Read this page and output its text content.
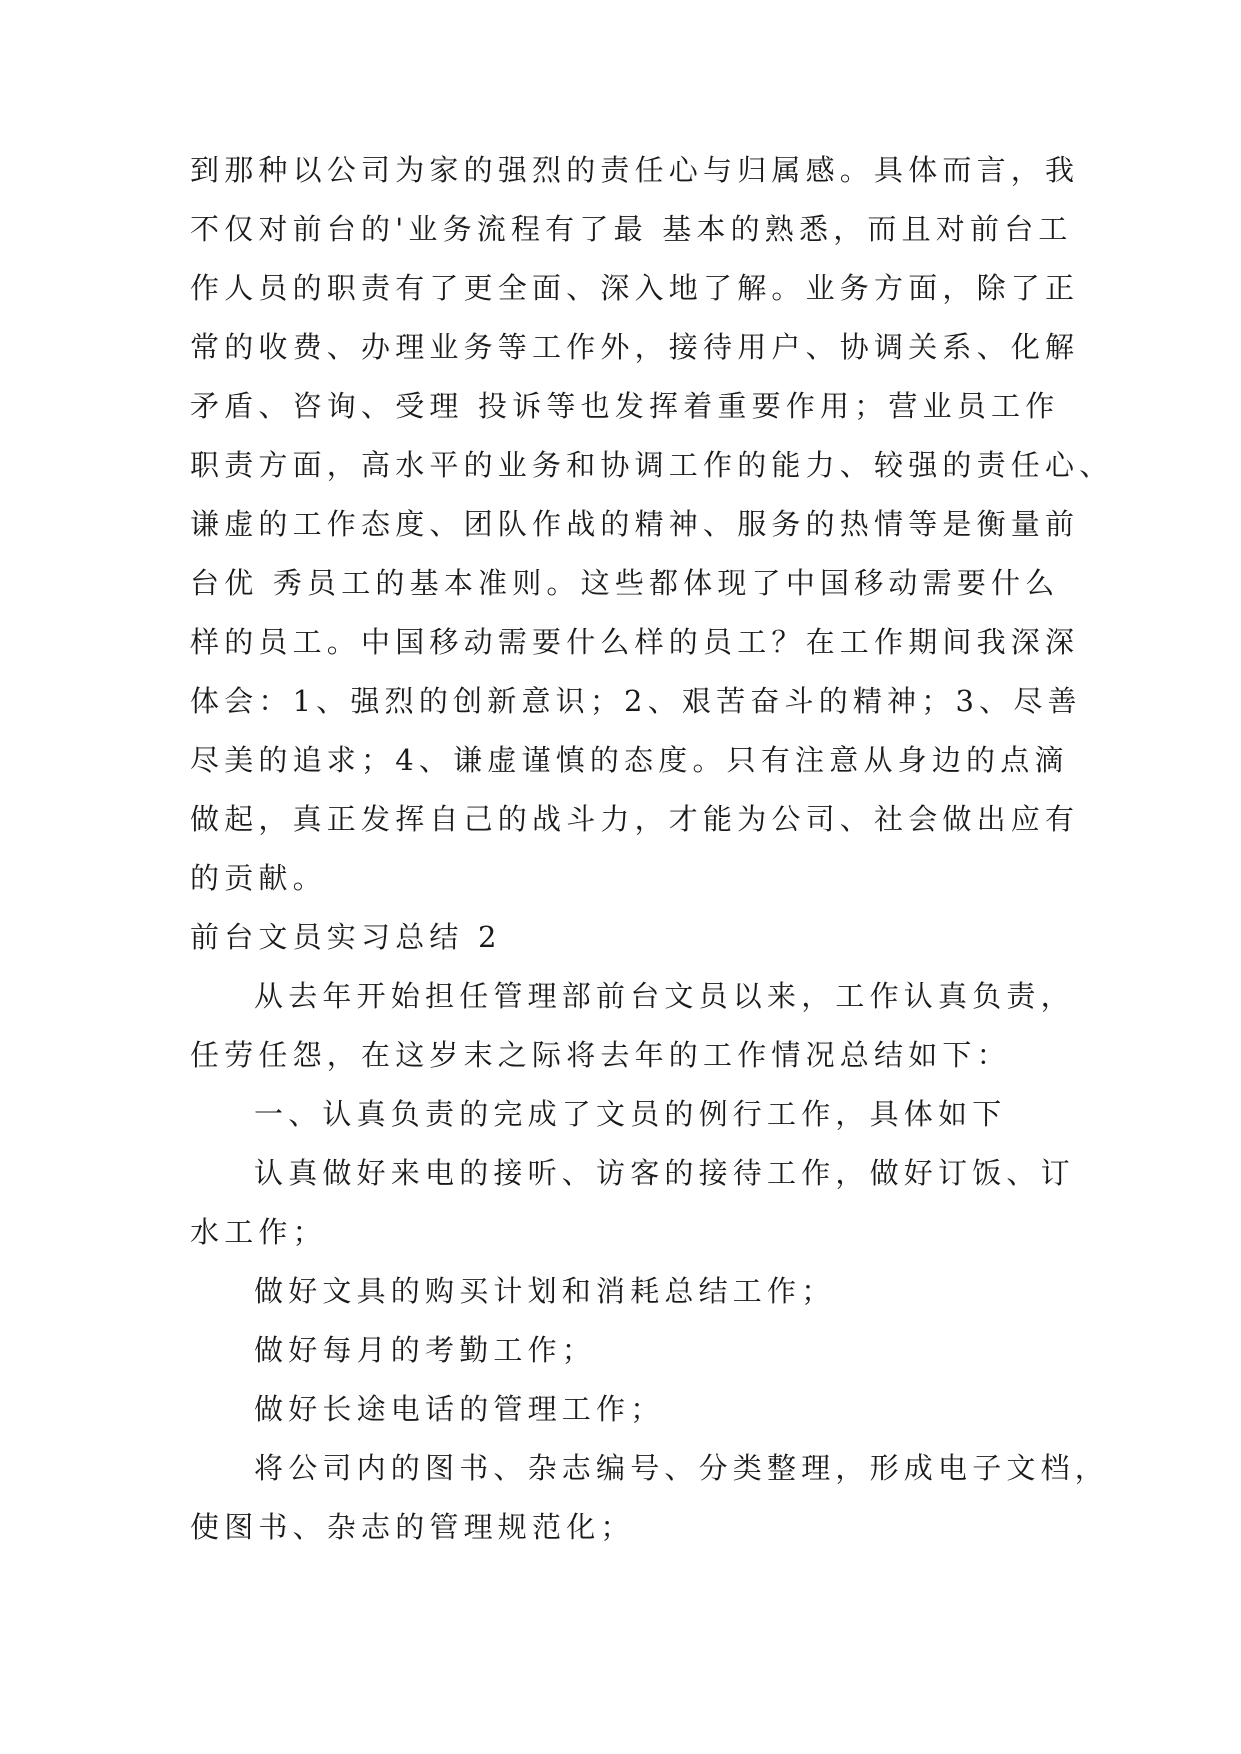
到那种以公司为家的强烈的责任心与归属感。具体而言，我
不仅对前台的'业务流程有了最 基本的熟悉，而且对前台工
作人员的职责有了更全面、深入地了解。业务方面，除了正
常的收费、办理业务等工作外，接待用户、协调关系、化解
矛盾、咨询、受理 投诉等也发挥着重要作用；营业员工作
职责方面，高水平的业务和协调工作的能力、较强的责任心、
谦虚的工作态度、团队作战的精神、服务的热情等是衡量前
台优 秀员工的基本准则。这些都体现了中国移动需要什么
样的员工。中国移动需要什么样的员工？在工作期间我深深
体会：1、强烈的创新意识；2、艰苦奋斗的精神；3、尽善
尽美的追求；4、谦虚谨慎的态度。只有注意从身边的点滴
做起，真正发挥自己的战斗力，才能为公司、社会做出应有
的贡献。
前台文员实习总结 2
从去年开始担任管理部前台文员以来，工作认真负责，
任劳任怨，在这岁末之际将去年的工作情况总结如下：
一、认真负责的完成了文员的例行工作，具体如下
认真做好来电的接听、访客的接待工作，做好订饭、订
水工作；
做好文具的购买计划和消耗总结工作；
做好每月的考勤工作；
做好长途电话的管理工作；
将公司内的图书、杂志编号、分类整理，形成电子文档，
使图书、杂志的管理规范化；
